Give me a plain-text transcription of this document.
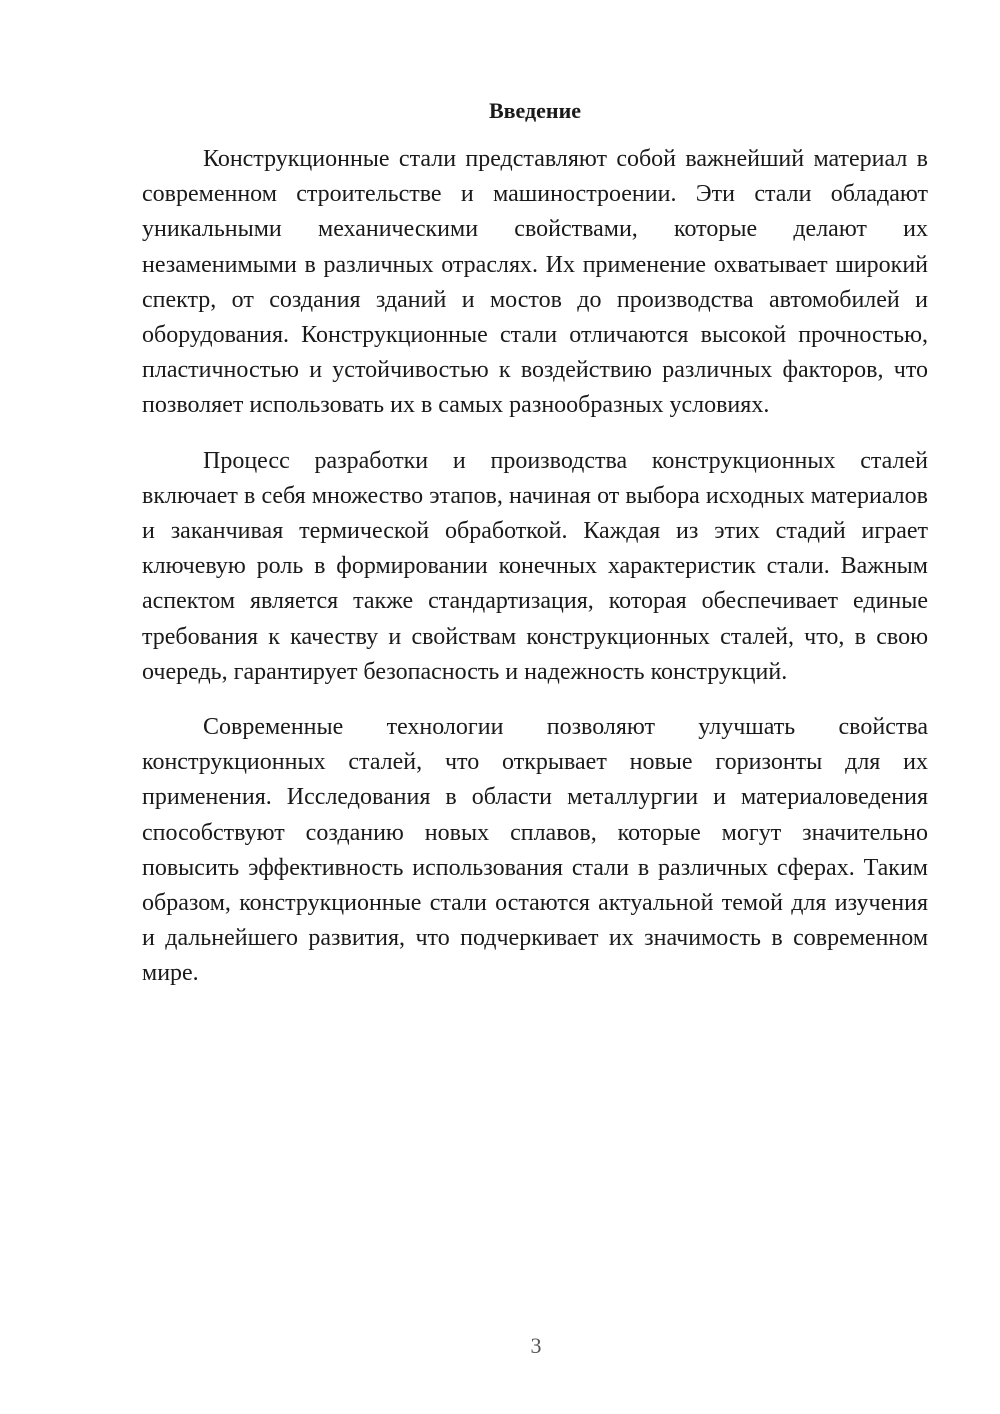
Введение

Конструкционные стали представляют собой важнейший материал в современном строительстве и машиностроении. Эти стали обладают уникальными механическими свойствами, которые делают их незаменимыми в различных отраслях. Их применение охватывает широкий спектр, от создания зданий и мостов до производства автомобилей и оборудования. Конструкционные стали отличаются высокой прочностью, пластичностью и устойчивостью к воздействию различных факторов, что позволяет использовать их в самых разнообразных условиях.

Процесс разработки и производства конструкционных сталей включает в себя множество этапов, начиная от выбора исходных материалов и заканчивая термической обработкой. Каждая из этих стадий играет ключевую роль в формировании конечных характеристик стали. Важным аспектом является также стандартизация, которая обеспечивает единые требования к качеству и свойствам конструкционных сталей, что, в свою очередь, гарантирует безопасность и надежность конструкций.

Современные технологии позволяют улучшать свойства конструкционных сталей, что открывает новые горизонты для их применения. Исследования в области металлургии и материаловедения способствуют созданию новых сплавов, которые могут значительно повысить эффективность использования стали в различных сферах. Таким образом, конструкционные стали остаются актуальной темой для изучения и дальнейшего развития, что подчеркивает их значимость в современном мире.

3
